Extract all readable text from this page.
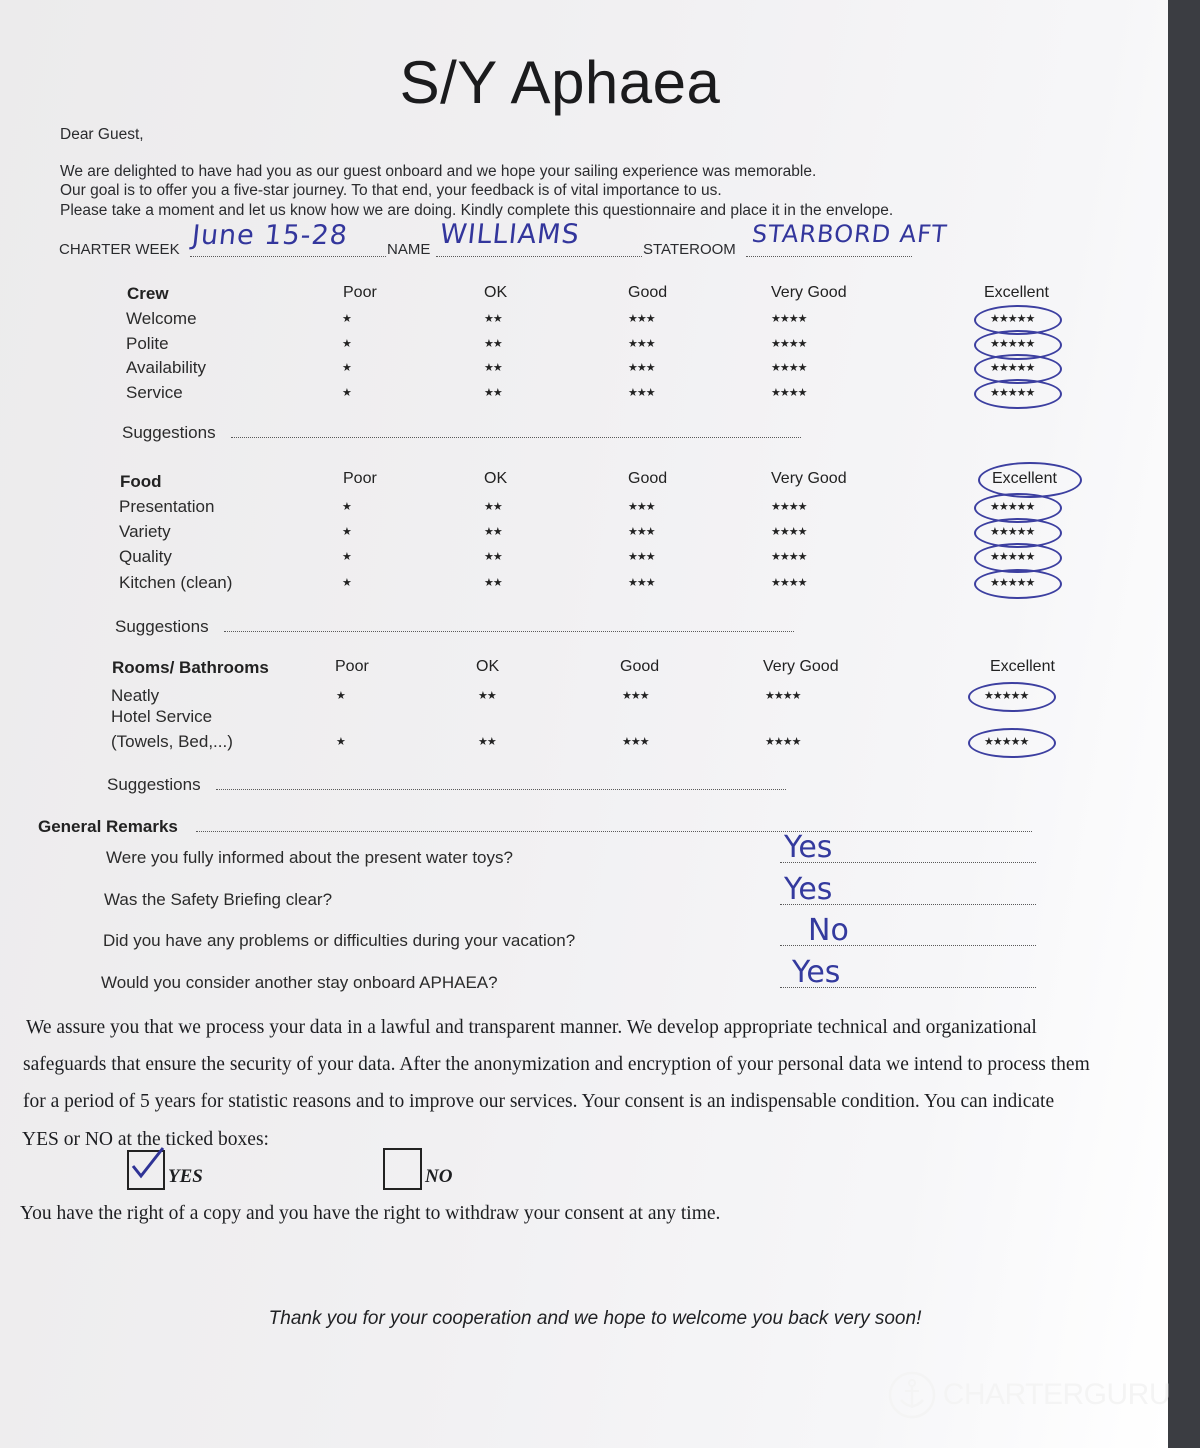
S/Y Aphaea
Dear Guest,
We are delighted to have had you as our guest onboard and we hope your sailing experience was memorable.
Our goal is to offer you a five-star journey. To that end, your feedback is of vital importance to us.
Please take a moment and let us know how we are doing. Kindly complete this questionnaire and place it in the envelope.
CHARTER WEEK June 15-28	NAME WILLIAMS	STATEROOM
STARBORD AFT
Crew	Poor	OK	Good	Very Good	Excellent
Welcome	★	★★	★★★	★★★★	★★★★★
Polite	★	★★	★★★	★★★★	★★★★★
Availability	★	★★	★★★	★★★★	★★★★★
Service	★	★★	★★★	★★★★	★★★★★
Suggestions
Food	Poor	OK	Good	Very Good	Excellent
Presentation	★	★★	★★★	★★★★	★★★★★
Variety	★	★★	★★★	★★★★	★★★★★
Quality	★	★★	★★★	★★★★	★★★★★
Kitchen (clean)	★	★★	★★★	★★★★	★★★★★
Suggestions
Rooms/ Bathrooms	Poor	OK	Good	Very Good	Excellent
Neatly	★	★★	★★★	★★★★	★★★★★
Hotel Service
(Towels, Bed,...)	★	★★	★★★	★★★★	★★★★★
Suggestions
General Remarks
Were you fully informed about the present water toys?	Yes
Was the Safety Briefing clear?	Yes
Did you have any problems or difficulties during your vacation?	No
Would you consider another stay onboard APHAEA?	Yes
We assure you that we process your data in a lawful and transparent manner. We develop appropriate technical and organizational
safeguards that ensure the security of your data. After the anonymization and encryption of your personal data we intend to process them
for a period of 5 years for statistic reasons and to improve our services. Your consent is an indispensable condition. You can indicate
YES or NO at the ticked boxes:
YES	NO
You have the right of a copy and you have the right to withdraw your consent at any time.
Thank you for your cooperation and we hope to welcome you back very soon!
CHARTERGURU
